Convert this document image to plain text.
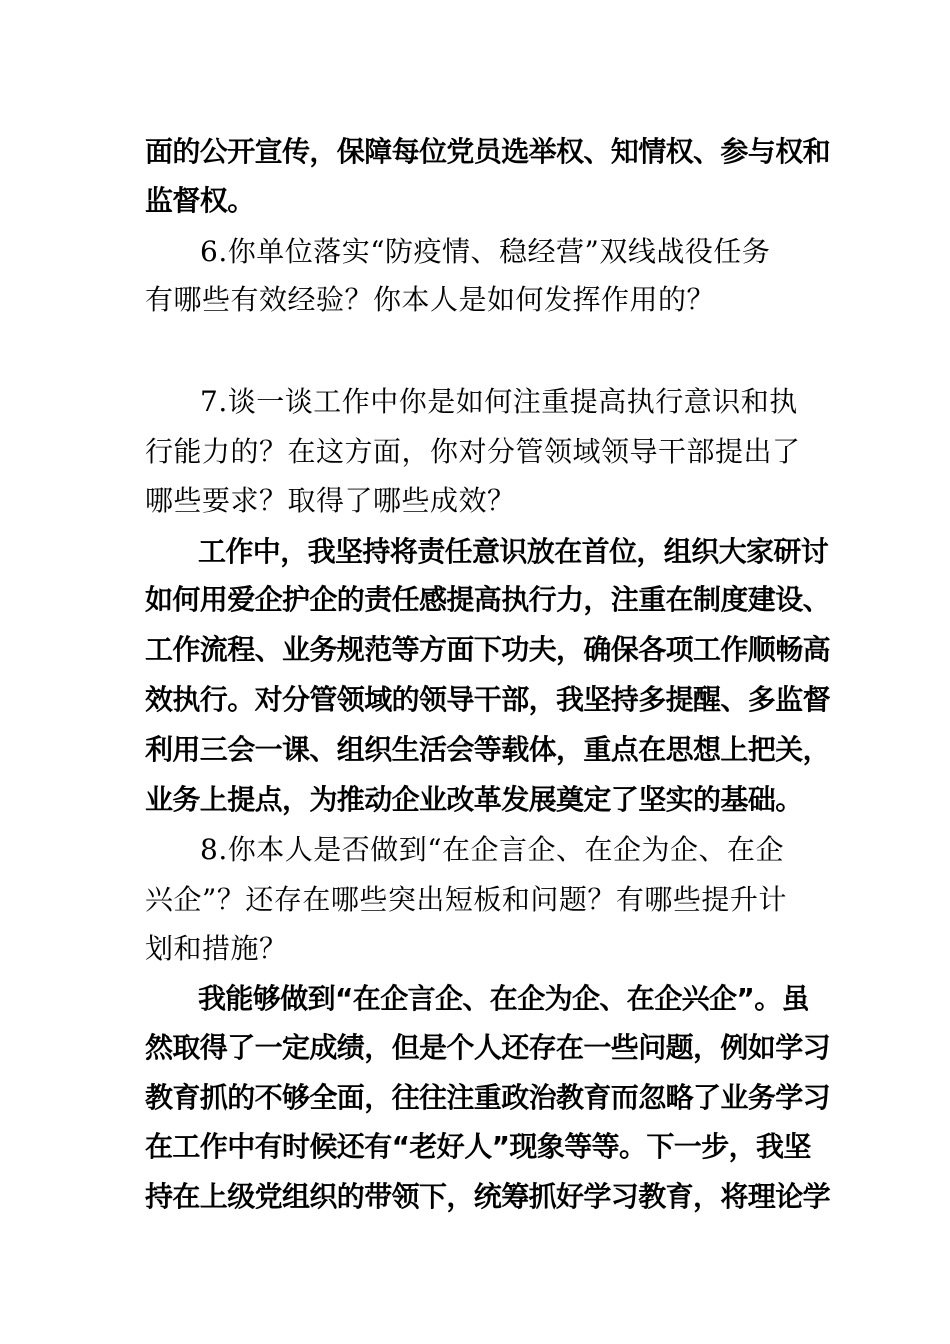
面的公开宣传，保障每位党员选举权、知情权、参与权和
监督权。
6.你单位落实“防疫情、稳经营”双线战役任务
有哪些有效经验？你本人是如何发挥作用的？
7.谈一谈工作中你是如何注重提高执行意识和执
行能力的？在这方面，你对分管领域领导干部提出了
哪些要求？取得了哪些成效？
工作中，我坚持将责任意识放在首位，组织大家研讨
如何用爱企护企的责任感提高执行力，注重在制度建设、
工作流程、业务规范等方面下功夫，确保各项工作顺畅高
效执行。对分管领域的领导干部，我坚持多提醒、多监督
利用三会一课、组织生活会等载体，重点在思想上把关，
业务上提点，为推动企业改革发展奠定了坚实的基础。
8.你本人是否做到“在企言企、在企为企、在企
兴企”？还存在哪些突出短板和问题？有哪些提升计
划和措施？
我能够做到“在企言企、在企为企、在企兴企”。虽
然取得了一定成绩，但是个人还存在一些问题，例如学习
教育抓的不够全面，往往注重政治教育而忽略了业务学习
在工作中有时候还有“老好人”现象等等。下一步，我坚
持在上级党组织的带领下，统筹抓好学习教育，将理论学
